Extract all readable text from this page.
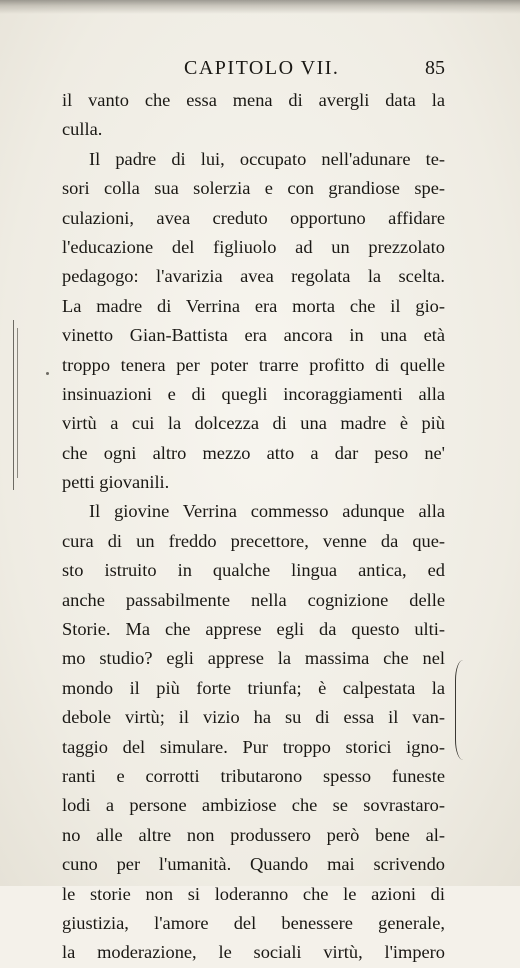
CAPITOLO VII.	85
il vanto che essa mena di avergli data la
culla.
Il padre di lui, occupato nell'adunare te-
sori colla sua solerzia e con grandiose spe-
culazioni, avea creduto opportuno affidare
l'educazione del figliuolo ad un prezzolato
pedagogo: l'avarizia avea regolata la scelta.
La madre di Verrina era morta che il gio-
vinetto Gian-Battista era ancora in una età
troppo tenera per poter trarre profitto di quelle
insinuazioni e di quegli incoraggiamenti alla
virtù a cui la dolcezza di una madre è più
che ogni altro mezzo atto a dar peso ne'
petti giovanili.
Il giovine Verrina commesso adunque alla
cura di un freddo precettore, venne da que-
sto istruito in qualche lingua antica, ed
anche passabilmente nella cognizione delle
Storie. Ma che apprese egli da questo ulti-
mo studio? egli apprese la massima che nel
mondo il più forte triunfa; è calpestata la
debole virtù; il vizio ha su di essa il van-
taggio del simulare. Pur troppo storici igno-
ranti e corrotti tributarono spesso funeste
lodi a persone ambiziose che se sovrastaro-
no alle altre non produssero però bene al-
cuno per l'umanità. Quando mai scrivendo
le storie non si loderanno che le azioni di
giustizia, l'amore del benessere generale,
la moderazione, le sociali virtù, l'impero
